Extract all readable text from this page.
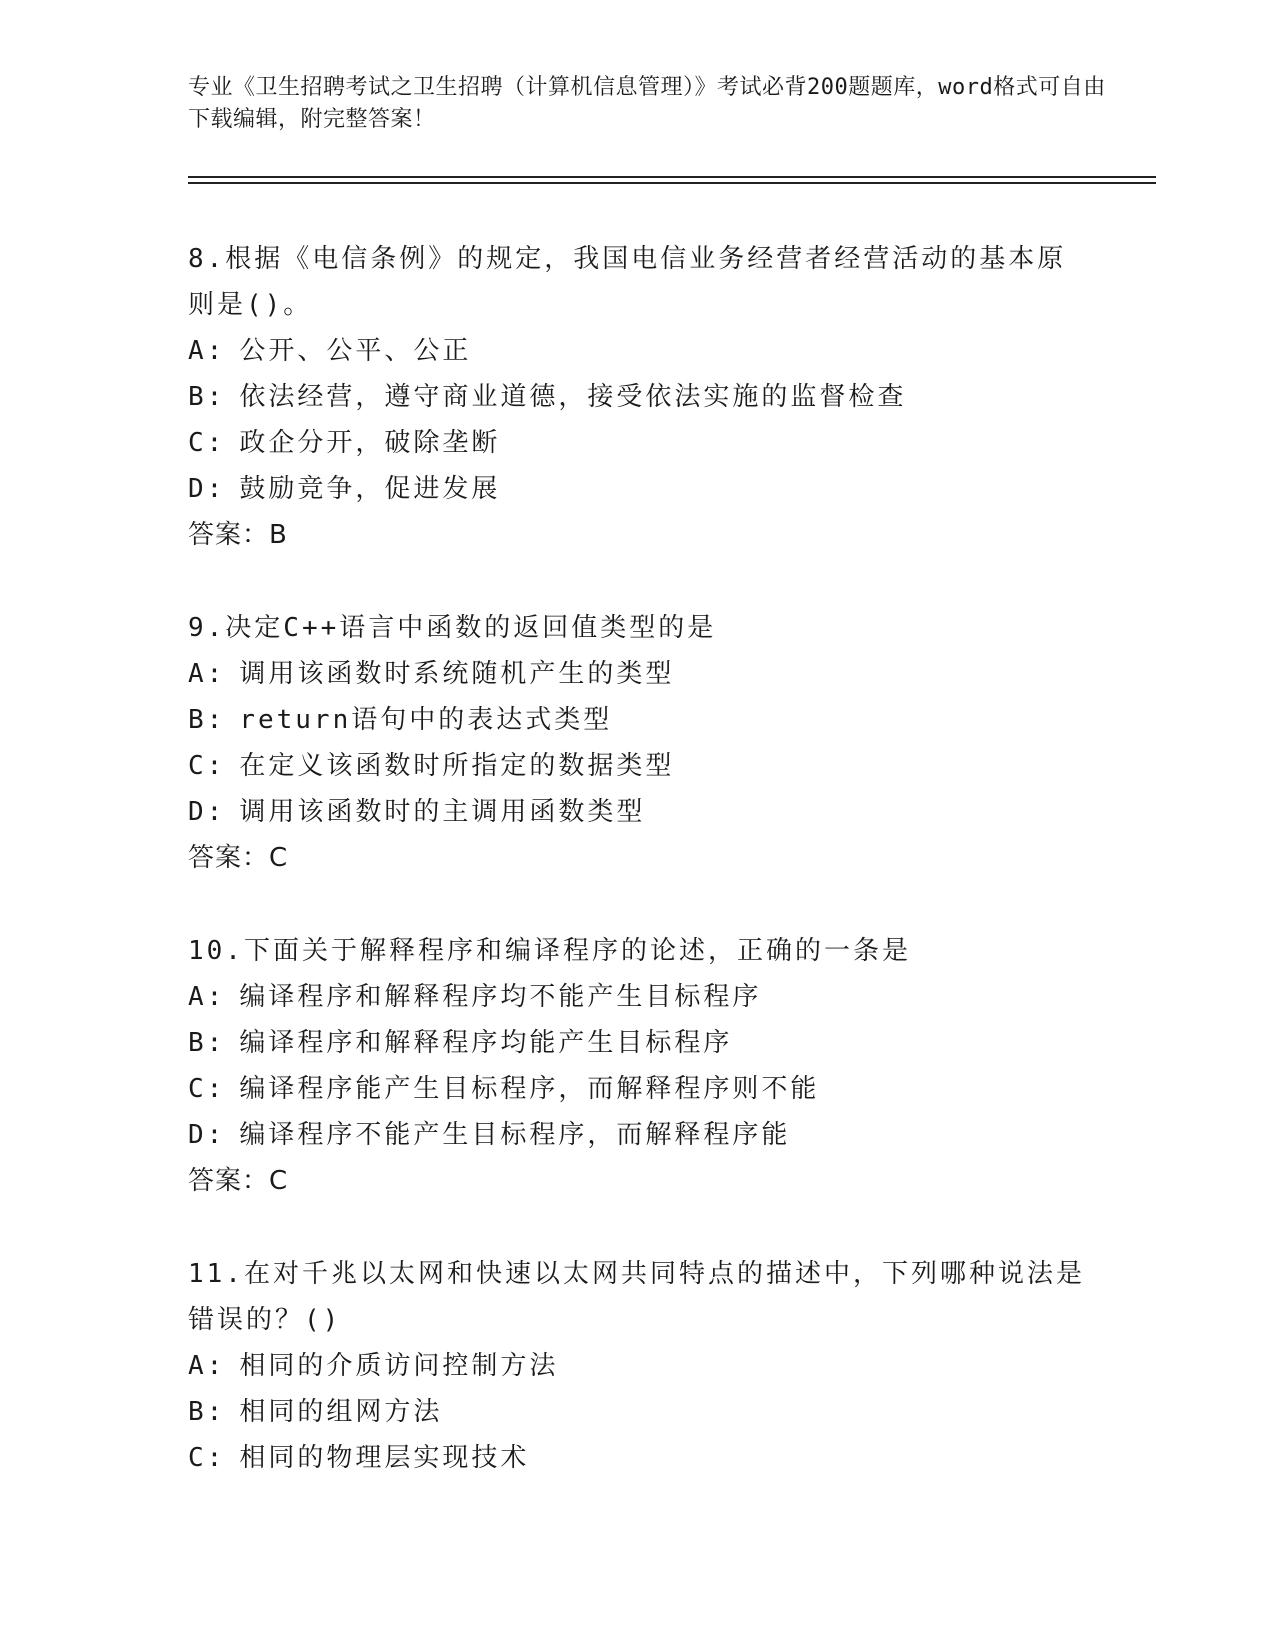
专业《卫生招聘考试之卫生招聘（计算机信息管理）》考试必背200题题库，word格式可自由下载编辑，附完整答案！
8.根据《电信条例》的规定，我国电信业务经营者经营活动的基本原则是()。
A: 公开、公平、公正
B: 依法经营，遵守商业道德，接受依法实施的监督检查
C: 政企分开，破除垄断
D: 鼓励竞争，促进发展
答案：B
9.决定C++语言中函数的返回值类型的是
A: 调用该函数时系统随机产生的类型
B: return语句中的表达式类型
C: 在定义该函数时所指定的数据类型
D: 调用该函数时的主调用函数类型
答案：C
10.下面关于解释程序和编译程序的论述，正确的一条是
A: 编译程序和解释程序均不能产生目标程序
B: 编译程序和解释程序均能产生目标程序
C: 编译程序能产生目标程序，而解释程序则不能
D: 编译程序不能产生目标程序，而解释程序能
答案：C
11.在对千兆以太网和快速以太网共同特点的描述中，下列哪种说法是错误的？()
A: 相同的介质访问控制方法
B: 相同的组网方法
C: 相同的物理层实现技术
